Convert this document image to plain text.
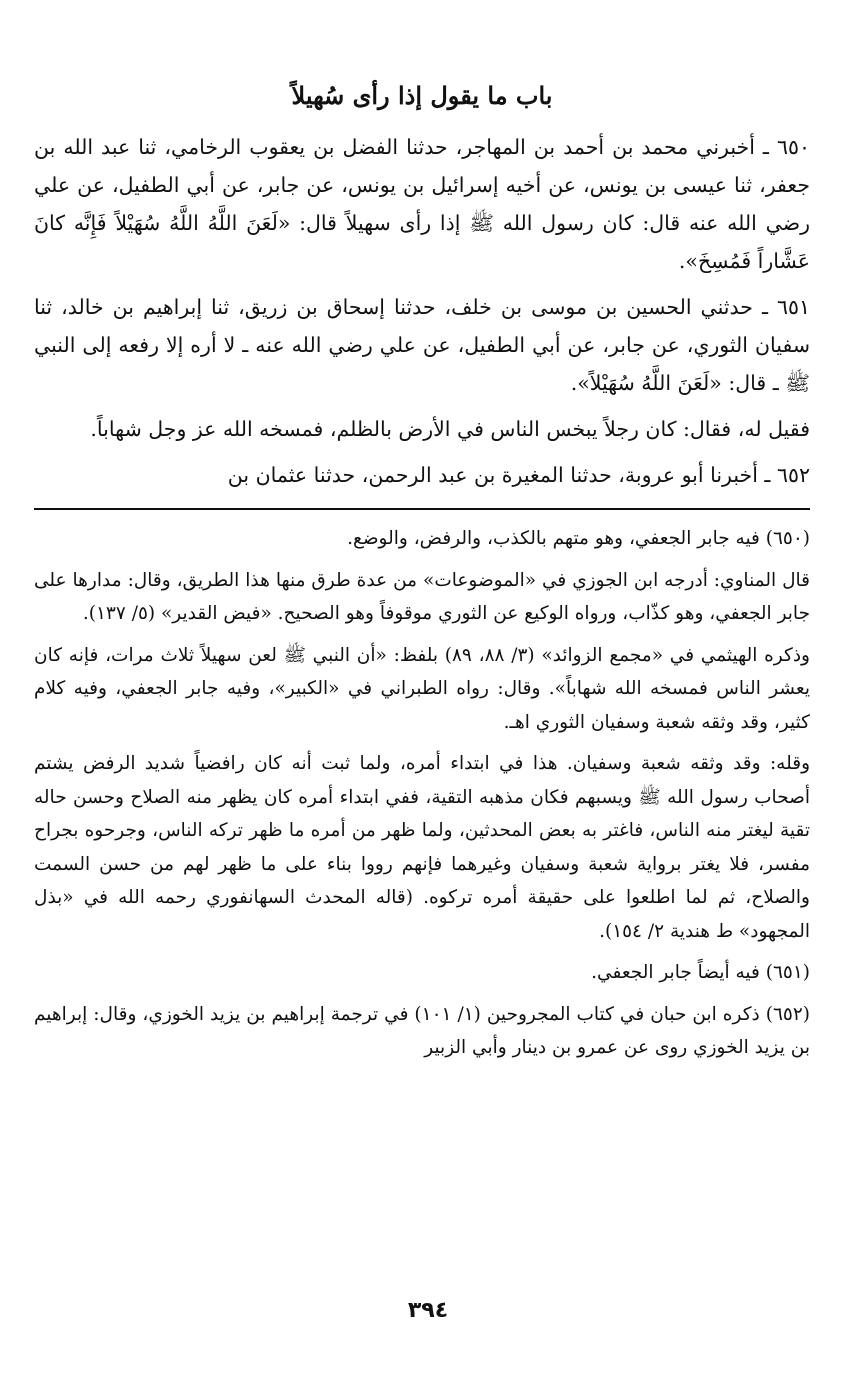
باب ما يقول إذا رأى سُهيلاً

٦٥٠ ـ أخبرني محمد بن أحمد بن المهاجر، حدثنا الفضل بن يعقوب الرخامي، ثنا عبد الله بن جعفر، ثنا عيسى بن يونس، عن أخيه إسرائيل بن يونس، عن جابر، عن أبي الطفيل، عن علي رضي الله عنه قال: كان رسول الله ﷺ إذا رأى سهيلاً قال: «لَعَنَ اللَّهُ اللَّهُ سُهَيْلاً فَإِنَّه كانَ عَشَّاراً فَمُسِخَ».

٦٥١ ـ حدثني الحسين بن موسى بن خلف، حدثنا إسحاق بن زريق، ثنا إبراهيم بن خالد، ثنا سفيان الثوري، عن جابر، عن أبي الطفيل، عن علي رضي الله عنه ـ لا أره إلا رفعه إلى النبي ﷺ ـ قال: «لَعَنَ اللَّهُ سُهَيْلاً».

فقيل له، فقال: كان رجلاً يبخس الناس في الأرض بالظلم، فمسخه الله عز وجل شهاباً.

٦٥٢ ـ أخبرنا أبو عروبة، حدثنا المغيرة بن عبد الرحمن، حدثنا عثمان بن

(٦٥٠) فيه جابر الجعفي، وهو متهم بالكذب، والرفض، والوضع.

قال المناوي: أدرجه ابن الجوزي في «الموضوعات» من عدة طرق منها هذا الطريق، وقال: مدارها على جابر الجعفي، وهو كذّاب، ورواه الوكيع عن الثوري موقوفاً وهو الصحيح. «فيض القدير» (٥/ ١٣٧).

وذكره الهيثمي في «مجمع الزوائد» (٣/ ٨٨، ٨٩) بلفظ: «أن النبي ﷺ لعن سهيلاً ثلاث مرات، فإنه كان يعشر الناس فمسخه الله شهاباً». وقال: رواه الطبراني في «الكبير»، وفيه جابر الجعفي، وفيه كلام كثير، وقد وثقه شعبة وسفيان الثوري اهـ.

وقله: وقد وثقه شعبة وسفيان. هذا في ابتداء أمره، ولما ثبت أنه كان رافضياً شديد الرفض يشتم أصحاب رسول الله ﷺ ويسبهم فكان مذهبه التقية، ففي ابتداء أمره كان يظهر منه الصلاح وحسن حاله تقية ليغتر منه الناس، فاغتر به بعض المحدثين، ولما ظهر من أمره ما ظهر تركه الناس، وجرحوه بجراح مفسر، فلا يغتر برواية شعبة وسفيان وغيرهما فإنهم رووا بناء على ما ظهر لهم من حسن السمت والصلاح، ثم لما اطلعوا على حقيقة أمره تركوه. (قاله المحدث السهانفوري رحمه الله في «بذل المجهود» ط هندية ٢/ ١٥٤).

(٦٥١) فيه أيضاً جابر الجعفي.

(٦٥٢) ذكره ابن حبان في كتاب المجروحين (١/ ١٠١) في ترجمة إبراهيم بن يزيد الخوزي، وقال: إبراهيم بن يزيد الخوزي روى عن عمرو بن دينار وأبي الزبير

٣٩٤
